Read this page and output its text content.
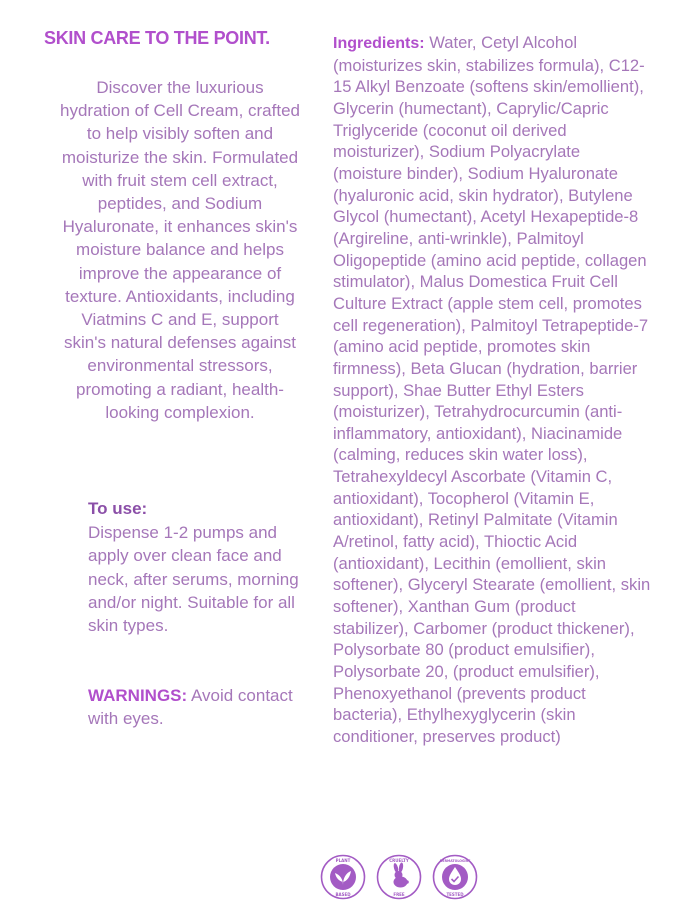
SKIN CARE TO THE POINT.
Discover the luxurious hydration of Cell Cream, crafted to help visibly soften and moisturize the skin. Formulated with fruit stem cell extract, peptides, and Sodium Hyaluronate, it enhances skin's moisture balance and helps improve the appearance of texture. Antioxidants, including Viatmins C and E, support skin's natural defenses against environmental stressors, promoting a radiant, health-looking complexion.
To use:
Dispense 1-2 pumps and apply over clean face and neck, after serums, morning and/or night. Suitable for all skin types.
WARNINGS: Avoid contact with eyes.
Ingredients: Water, Cetyl Alcohol (moisturizes skin, stabilizes formula), C12-15 Alkyl Benzoate (softens skin/emollient), Glycerin (humectant), Caprylic/Capric Triglyceride (coconut oil derived moisturizer), Sodium Polyacrylate (moisture binder), Sodium Hyaluronate (hyaluronic acid, skin hydrator), Butylene Glycol (humectant), Acetyl Hexapeptide-8 (Argireline, anti-wrinkle), Palmitoyl Oligopeptide (amino acid peptide, collagen stimulator), Malus Domestica Fruit Cell Culture Extract (apple stem cell, promotes cell regeneration), Palmitoyl Tetrapeptide-7 (amino acid peptide, promotes skin firmness), Beta Glucan (hydration, barrier support), Shae Butter Ethyl Esters (moisturizer), Tetrahydrocurcumin (anti-inflammatory, antioxidant), Niacinamide (calming, reduces skin water loss), Tetrahexyldecyl Ascorbate (Vitamin C, antioxidant), Tocopherol (Vitamin E, antioxidant), Retinyl Palmitate (Vitamin A/retinol, fatty acid), Thioctic Acid (antioxidant), Lecithin (emollient, skin softener), Glyceryl Stearate (emollient, skin softener), Xanthan Gum (product stabilizer), Carbomer (product thickener), Polysorbate 80 (product emulsifier), Polysorbate 20, (product emulsifier), Phenoxyethanol (prevents product bacteria), Ethylhexyglycerin (skin conditioner, preserves product)
PLANT
BASED
CRUELTY
FREE
DERMATOLOGIST
TESTED
